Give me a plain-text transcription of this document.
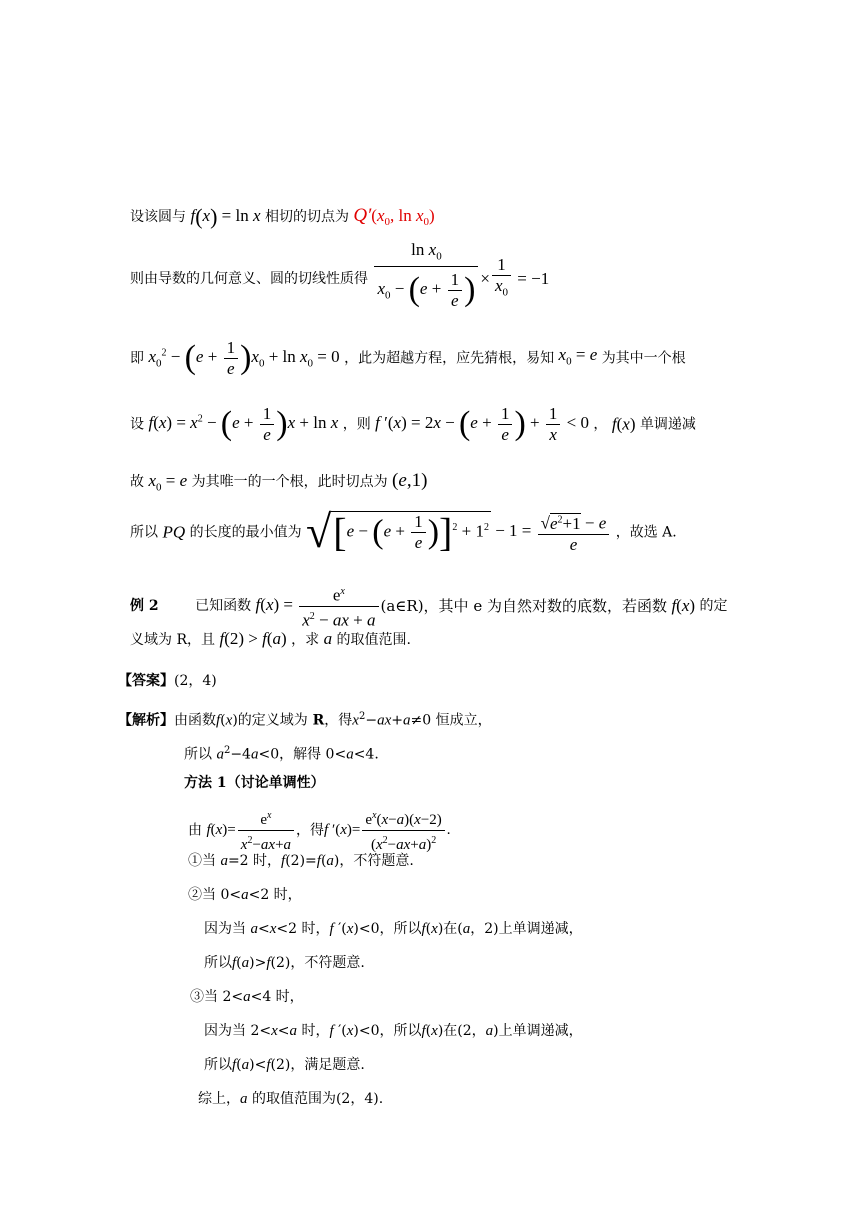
设该圆与 f(x) = ln x 相切的切点为 $Q'(x_0$, $\ln x_0$)
则由导数的几何意义、圆的切线性质得 $\frac{\ln x_0}{x_0 - (e + \frac{1}{e} )} \times \frac{1}{x_0} = -1$
即 $x_0^2 - (e + \frac{1}{e} )x_0 + \ln x_0 = 0$ ，此为超越方程，应先猜根，易知 $x_0 = e$ 为其中一个根
设 $f(x) = x^2 - (e + \frac{1}{e} )x + \ln x$ ，则 f $'(x) = 2x - (e + \frac{1}{e}$ ) + $\frac{1}{x} < 0$ ， f(x) 单调递减
故 $x_0 = e$ 为其唯一的一个根，此时切点为 (e,1)
所以 PQ 的长度的最小值为 $√[e - (e + \frac{1}{e} )]^2 + 1^2 - 1 = \frac{√e^2+1 - e}{e}$ ，故选 A.
例 2	已知函数 $f(x) = \frac{e^x}{x^2 - ax + a}$ (a∈R)，其中 e 为自然对数的底数，若函数 f(x) 的定
义域为 R，且 f(2) > f(a) ，求 a 的取值范围.
【答案】(2，4)
【解析】由函数f(x)的定义域为 R，得$x^2-ax+a\ne 0$ 恒成立，
所以 $a^2-4a<0$，解得 0<a<4.
方法 1（讨论单调性）
由 $f(x)= \frac{e^x}{x^2-ax+a}$ ，得f $'(x)= \frac{e^x(x-a)(x-2)}{(x^2-ax+a)^2}$ .
①当 a=2 时，f(2)=f(a)，不符题意.
②当 0<a<2 时，
因为当 a<x<2 时，f ′(x)<0，所以f(x)在(a，2)上单调递减，
所以f(a)>f(2)，不符题意.
③当 2<a<4 时，
因为当 2<x<a 时，f ′(x)<0，所以f(x)在(2，a)上单调递减，
所以f(a)<f(2)，满足题意.
综上，a 的取值范围为(2，4).
